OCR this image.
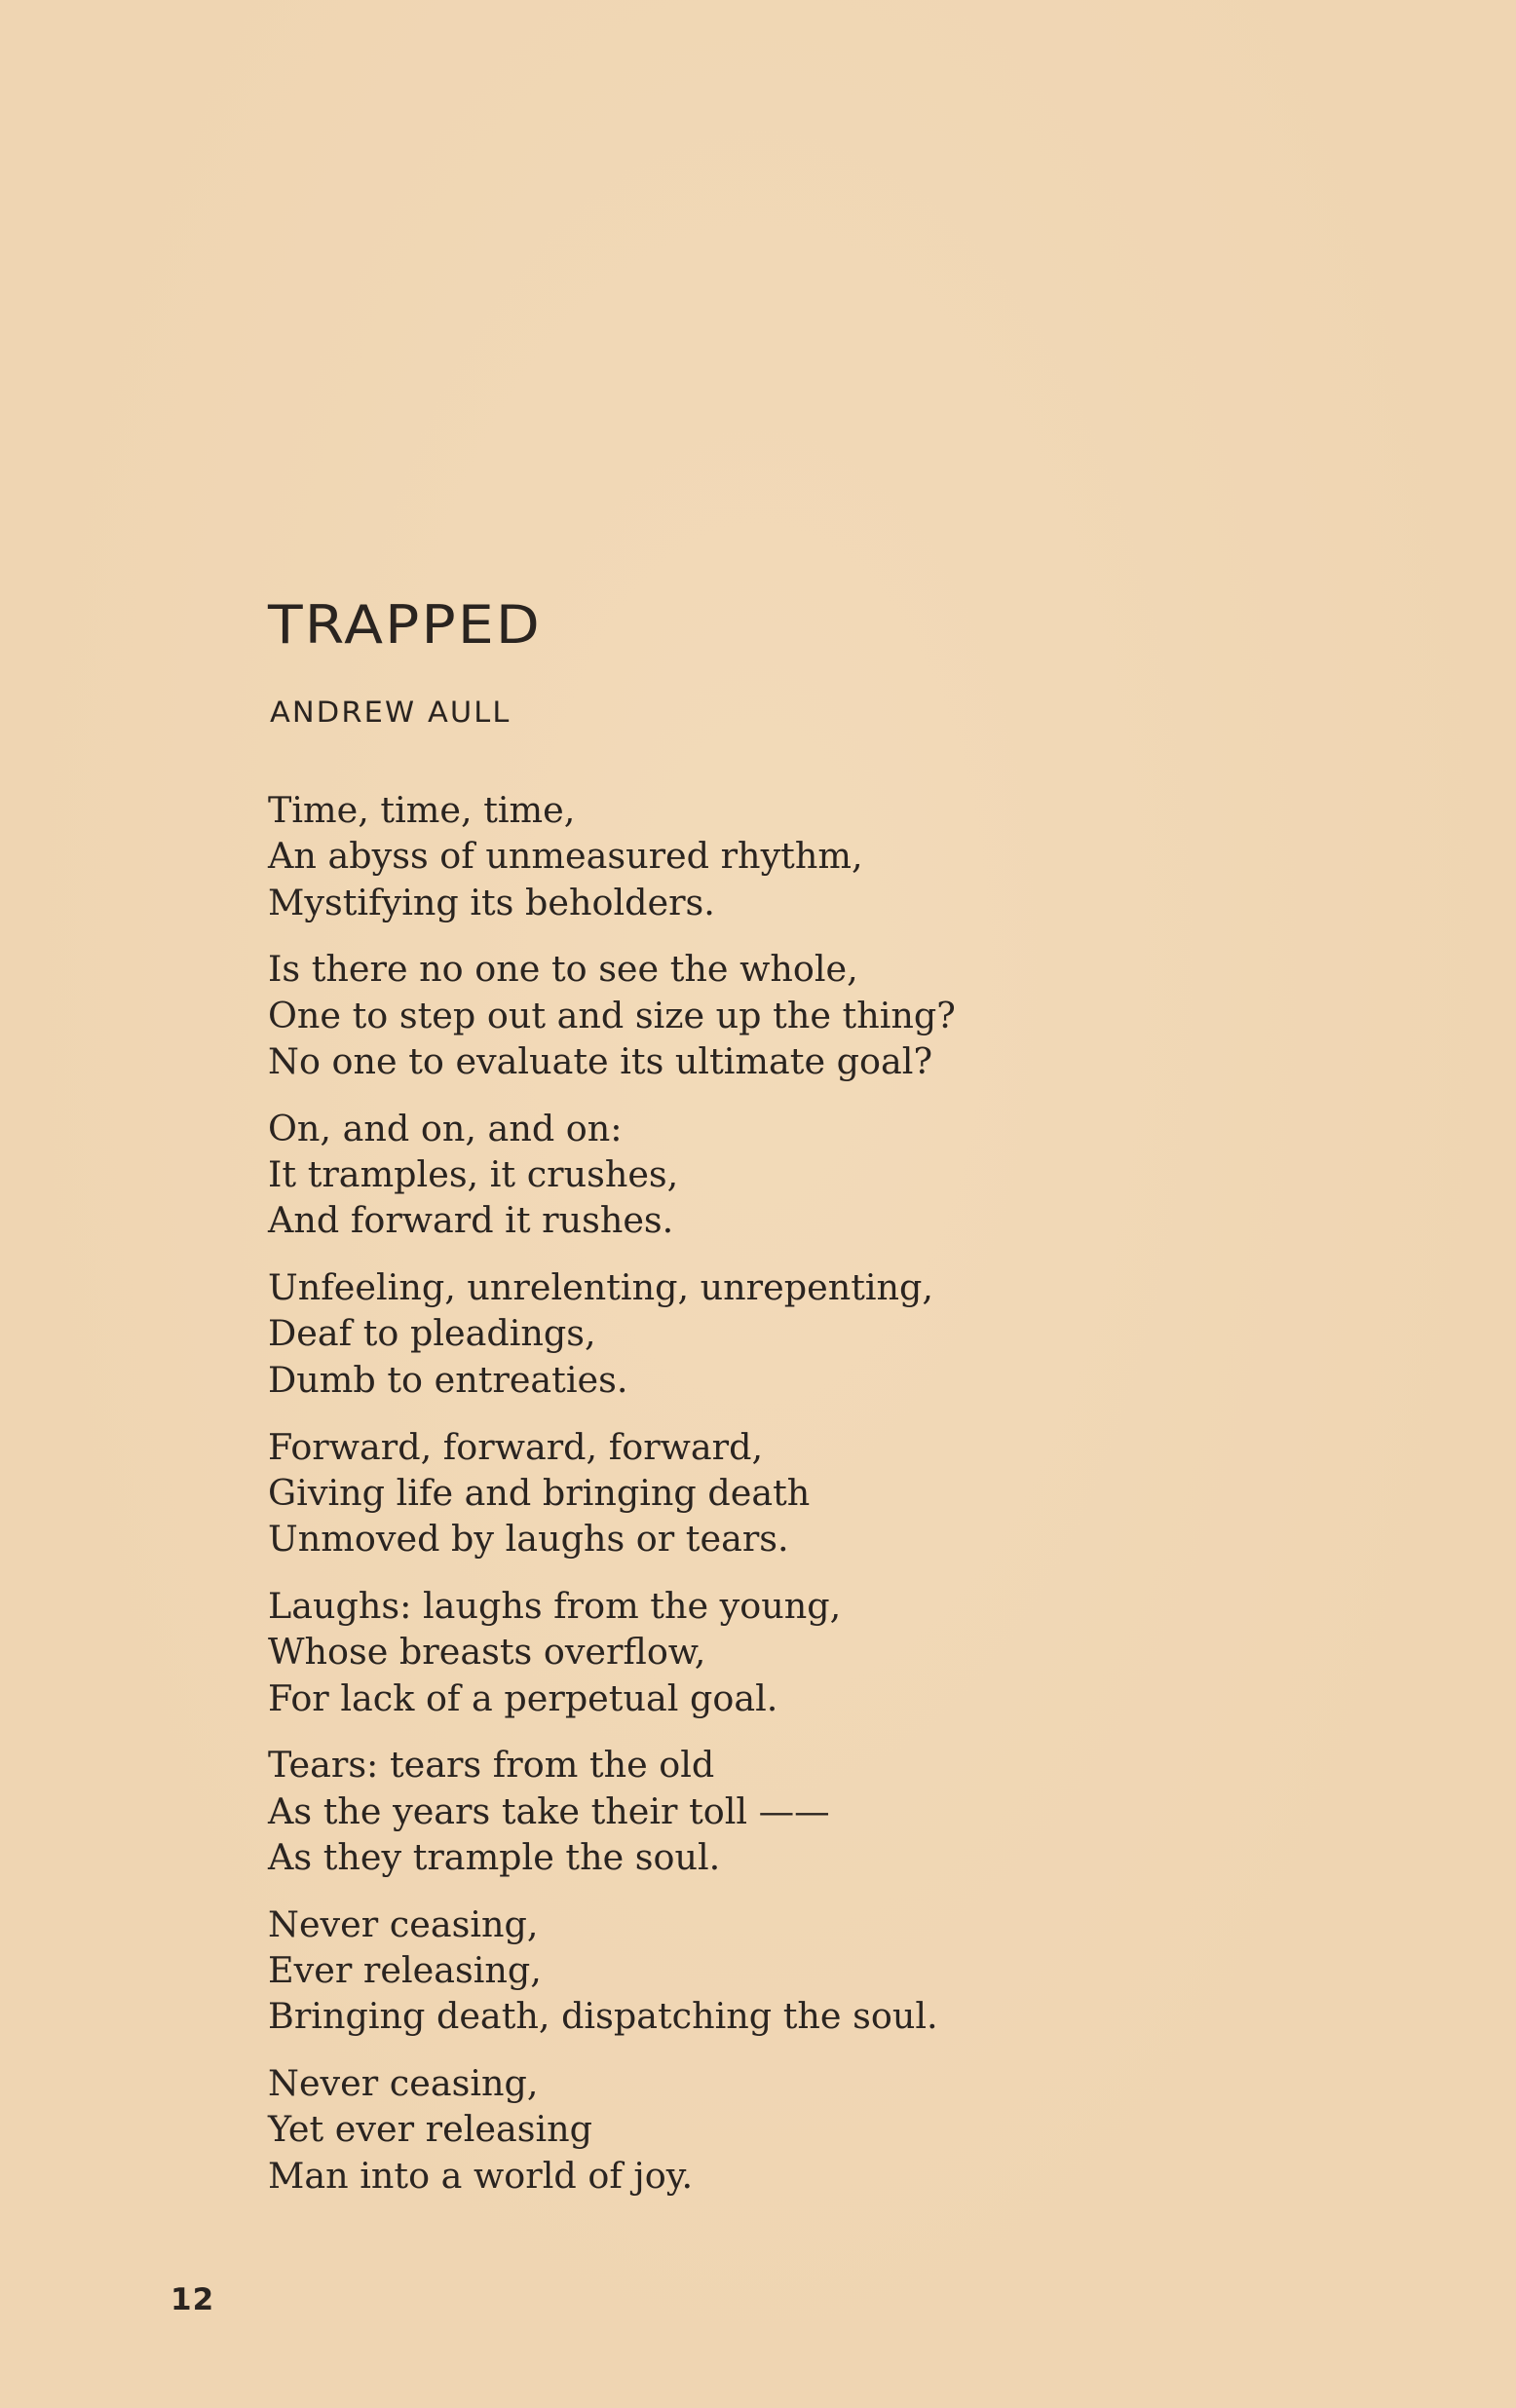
TRAPPED
ANDREW AULL
Time, time, time,
An abyss of unmeasured rhythm,
Mystifying its beholders.
Is there no one to see the whole,
One to step out and size up the thing?
No one to evaluate its ultimate goal?
On, and on, and on:
It tramples, it crushes,
And forward it rushes.
Unfeeling, unrelenting, unrepenting,
Deaf to pleadings,
Dumb to entreaties.
Forward, forward, forward,
Giving life and bringing death
Unmoved by laughs or tears.
Laughs: laughs from the young,
Whose breasts overflow,
For lack of a perpetual goal.
Tears: tears from the old
As the years take their toll ——
As they trample the soul.
Never ceasing,
Ever releasing,
Bringing death, dispatching the soul.
Never ceasing,
Yet ever releasing
Man into a world of joy.
12
